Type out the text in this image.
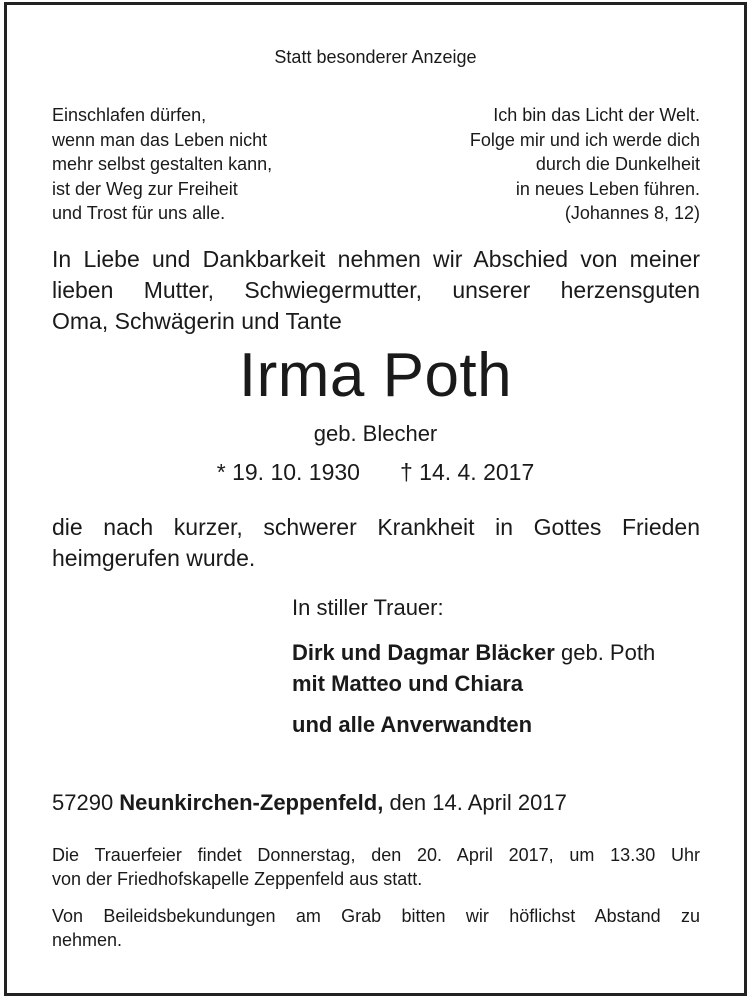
Statt besonderer Anzeige
Einschlafen dürfen,
wenn man das Leben nicht
mehr selbst gestalten kann,
ist der Weg zur Freiheit
und Trost für uns alle.
Ich bin das Licht der Welt.
Folge mir und ich werde dich
durch die Dunkelheit
in neues Leben führen.
(Johannes 8, 12)
In Liebe und Dankbarkeit nehmen wir Abschied von meiner
lieben Mutter, Schwiegermutter, unserer herzensguten
Oma, Schwägerin und Tante
Irma Poth
geb. Blecher
* 19. 10. 1930 † 14. 4. 2017
die nach kurzer, schwerer Krankheit in Gottes Frieden
heimgerufen wurde.
In stiller Trauer:
Dirk und Dagmar Bläcker geb. Poth
mit Matteo und Chiara
und alle Anverwandten
57290 Neunkirchen-Zeppenfeld, den 14. April 2017
Die Trauerfeier findet Donnerstag, den 20. April 2017, um 13.30 Uhr
von der Friedhofskapelle Zeppenfeld aus statt.
Von Beileidsbekundungen am Grab bitten wir höflichst Abstand zu
nehmen.
